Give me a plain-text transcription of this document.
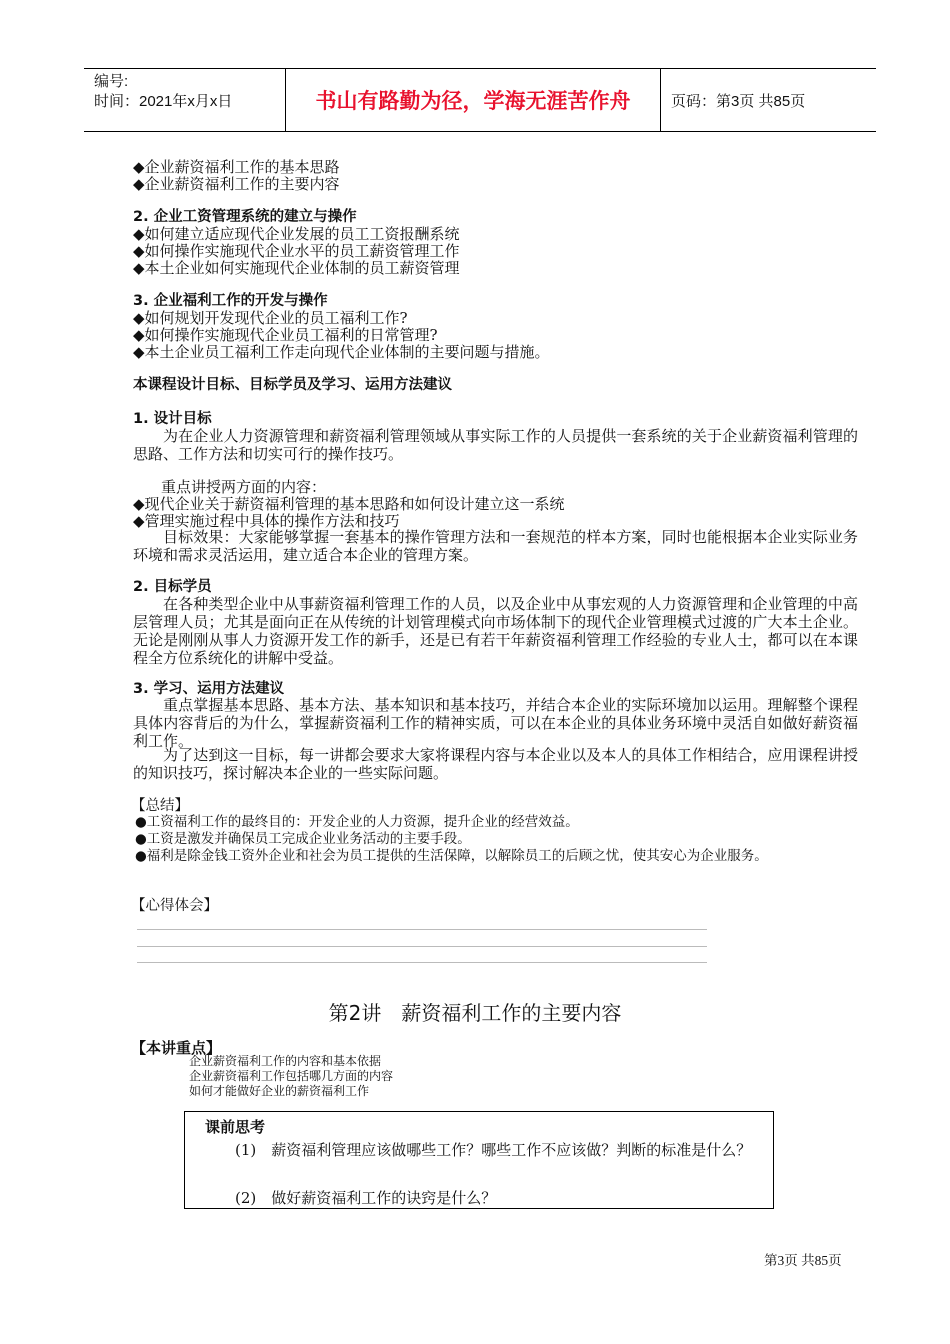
编号:
时间：2021年x月x日	书山有路勤为径，学海无涯苦作舟	页码：第3页 共85页
◆企业薪资福利工作的基本思路
◆企业薪资福利工作的主要内容
2. 企业工资管理系统的建立与操作
◆如何建立适应现代企业发展的员工工资报酬系统
◆如何操作实施现代企业水平的员工薪资管理工作
◆本土企业如何实施现代企业体制的员工薪资管理
3. 企业福利工作的开发与操作
◆如何规划开发现代企业的员工福利工作?
◆如何操作实施现代企业员工福利的日常管理?
◆本土企业员工福利工作走向现代企业体制的主要问题与措施。
本课程设计目标、目标学员及学习、运用方法建议
1. 设计目标
为在企业人力资源管理和薪资福利管理领域从事实际工作的人员提供一套系统的关于企业薪资福利管理的思路、工作方法和切实可行的操作技巧。
重点讲授两方面的内容：
◆现代企业关于薪资福利管理的基本思路和如何设计建立这一系统
◆管理实施过程中具体的操作方法和技巧
目标效果：大家能够掌握一套基本的操作管理方法和一套规范的样本方案，同时也能根据本企业实际业务环境和需求灵活运用，建立适合本企业的管理方案。
2. 目标学员
在各种类型企业中从事薪资福利管理工作的人员，以及企业中从事宏观的人力资源管理和企业管理的中高层管理人员；尤其是面向正在从传统的计划管理模式向市场体制下的现代企业管理模式过渡的广大本土企业。无论是刚刚从事人力资源开发工作的新手，还是已有若干年薪资福利管理工作经验的专业人士，都可以在本课程全方位系统化的讲解中受益。
3. 学习、运用方法建议
重点掌握基本思路、基本方法、基本知识和基本技巧，并结合本企业的实际环境加以运用。理解整个课程具体内容背后的为什么，掌握薪资福利工作的精神实质，可以在本企业的具体业务环境中灵活自如做好薪资福利工作。
为了达到这一目标，每一讲都会要求大家将课程内容与本企业以及本人的具体工作相结合，应用课程讲授的知识技巧，探讨解决本企业的一些实际问题。
【总结】
●工资福利工作的最终目的：开发企业的人力资源，提升企业的经营效益。
●工资是激发并确保员工完成企业业务活动的主要手段。
●福利是除金钱工资外企业和社会为员工提供的生活保障，以解除员工的后顾之忧，使其安心为企业服务。
【心得体会】
第2讲　薪资福利工作的主要内容
【本讲重点】
企业薪资福利工作的内容和基本依据
企业薪资福利工作包括哪几方面的内容
如何才能做好企业的薪资福利工作
课前思考
(1)　薪资福利管理应该做哪些工作？哪些工作不应该做？判断的标准是什么？
(2)　做好薪资福利工作的诀窍是什么？
第3页 共85页
